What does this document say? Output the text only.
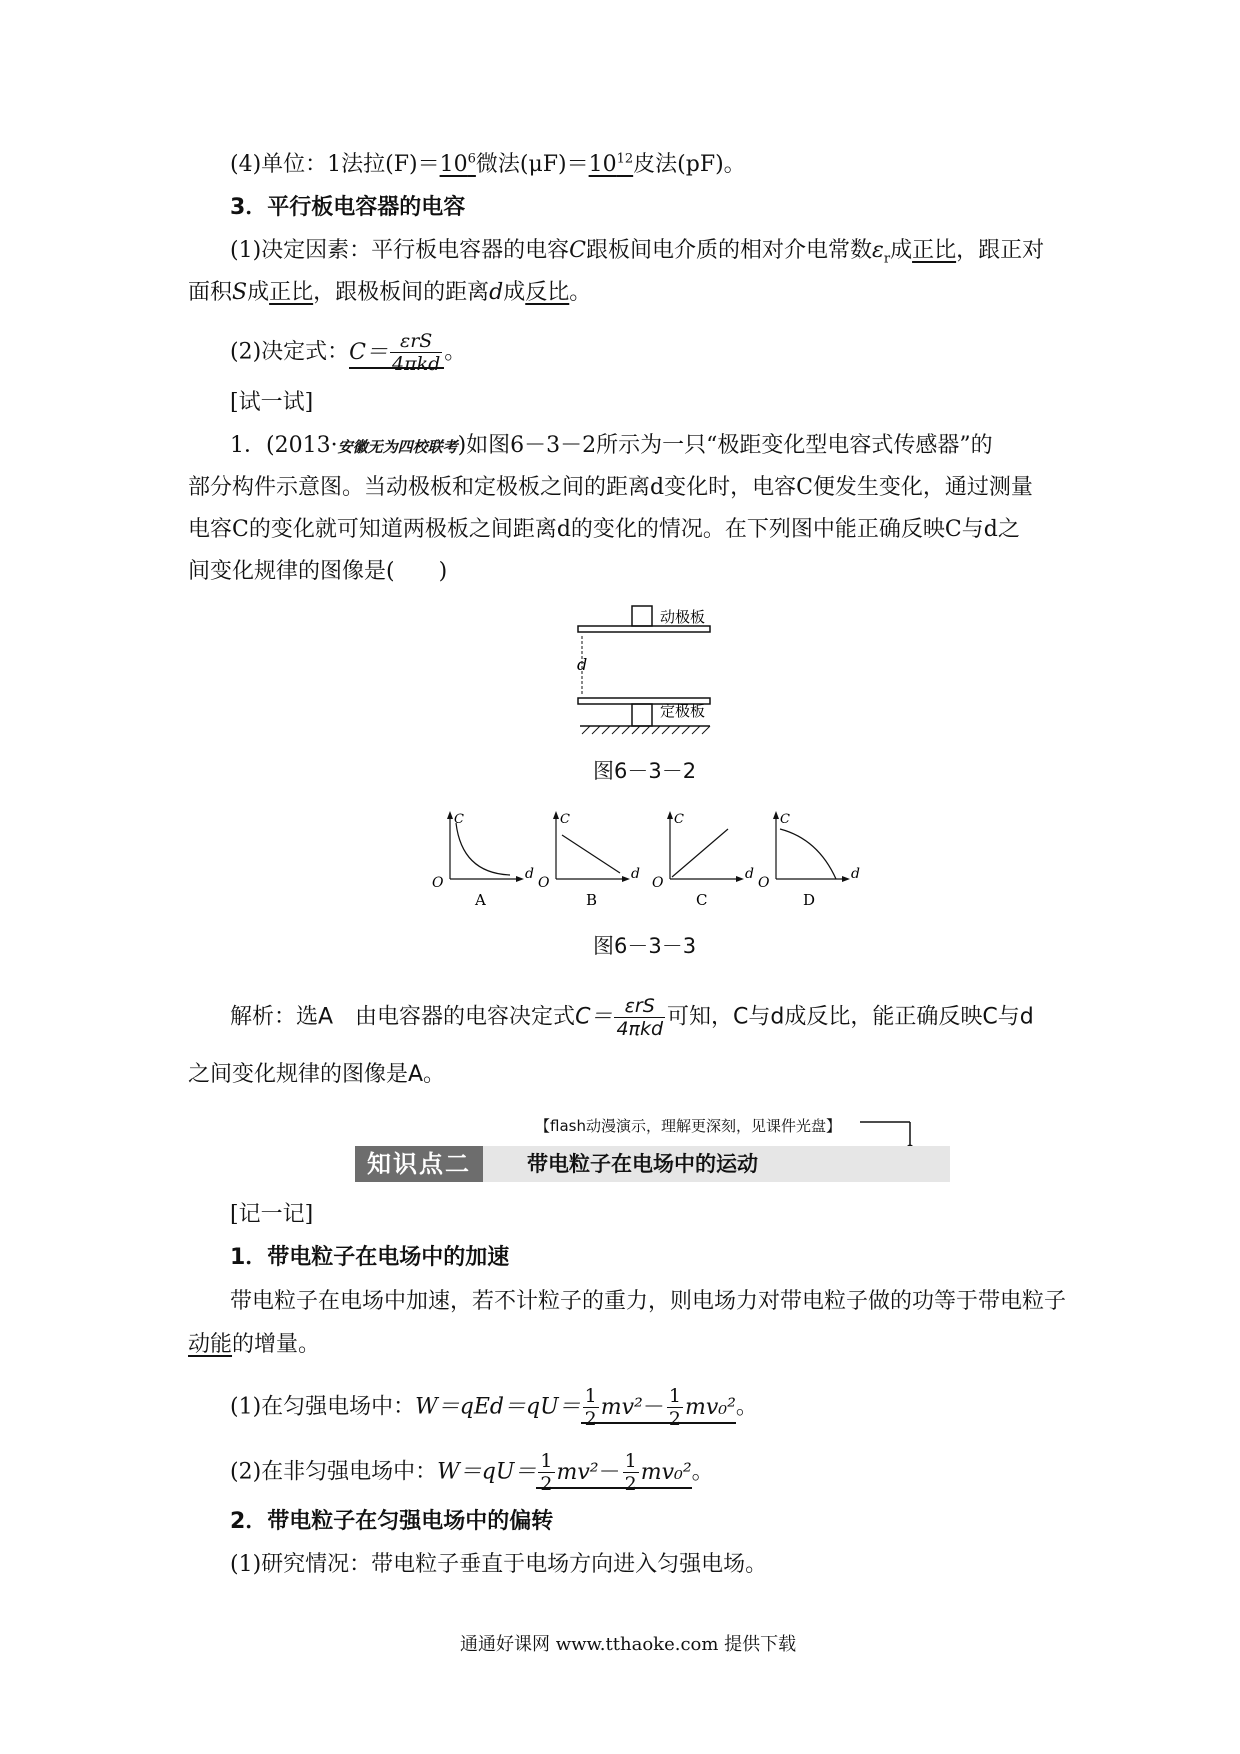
(4)单位：1法拉$(F)=10^6$微法$(\mu F)=10^{12}$皮法(pF)。
3．平行板电容器的电容
(1)决定因素：平行板电容器的电容C跟板间电介质的相对介电常数$\varepsilon_r$成正比，跟正对
面积S成正比，跟极板间的距离d成反比。
(2)决定式：$C= \frac{\text{εrS}}{\text{4πkd}}$ 。
[试一试]
1．(2013·安徽无为四校联考)如图6－3－2所示为一只“极距变化型电容式传感器”的
部分构件示意图。当动极板和定极板之间的距离d变化时，电容C便发生变化，通过测量
电容C的变化就可知道两极板之间距离d的变化的情况。在下列图中能正确反映C与d之
间变化规律的图像是(　　)
d
动极板
定极板
图6－3－2
C
O
d
A
C
O
d
B
C
O
d
C
C
O
d
D
图6－3－3
解析：选A　由电容器的电容决定式$C= \frac{\text{εrS}}{\text{4πkd}}$ 可知，C与d成反比，能正确反映C与d
之间变化规律的图像是A。
【flash动漫演示，理解更深刻，见课件光盘】
知识点二	带电粒子在电场中的运动
[记一记]
1．带电粒子在电场中的加速
带电粒子在电场中加速，若不计粒子的重力，则电场力对带电粒子做的功等于带电粒子
动能的增量。
(1)在匀强电场中：$W=qEd=qU= \frac{1}{2} mv^2- \frac{1}{2} mv_0^2$。
(2)在非匀强电场中：$W=qU= \frac{1}{2} mv^2- \frac{1}{2} mv_0^2$。
2．带电粒子在匀强电场中的偏转
(1)研究情况：带电粒子垂直于电场方向进入匀强电场。
通通好课网 www.tthaoke.com 提供下载
